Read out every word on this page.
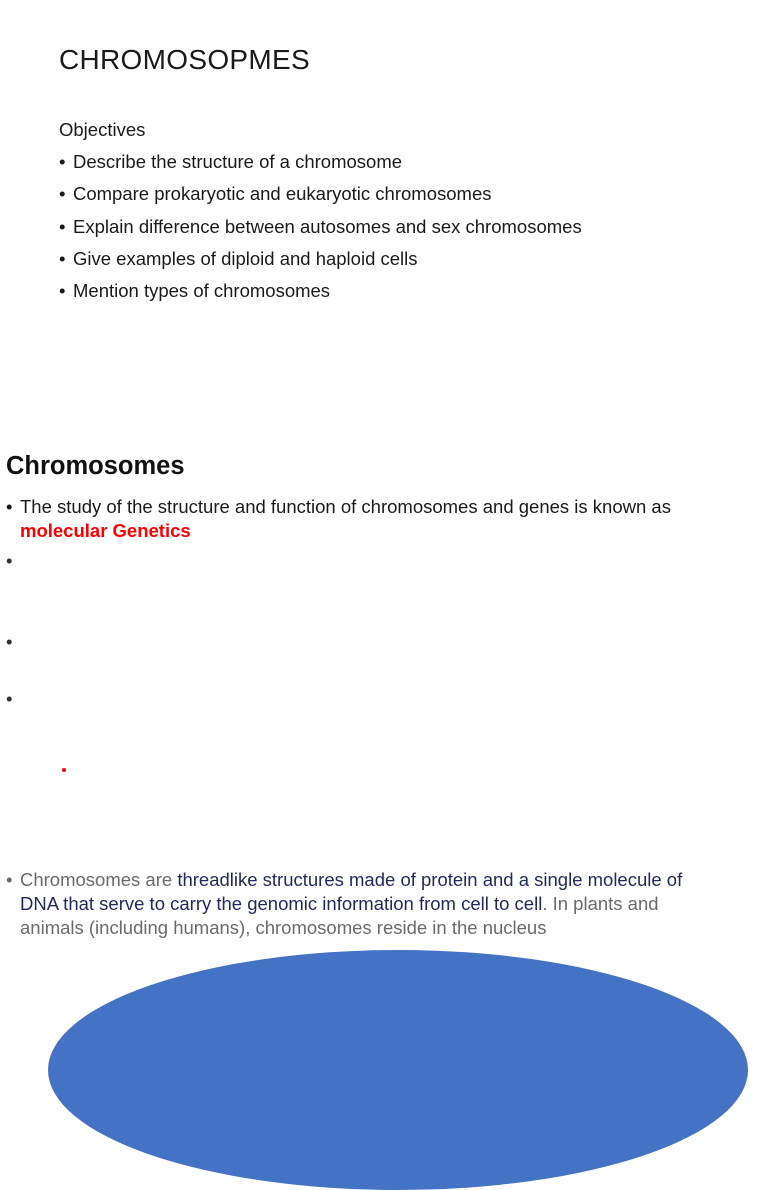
CHROMOSOPMES

Objectives

• Describe the structure of a chromosome
• Compare prokaryotic and eukaryotic chromosomes
• Explain difference between autosomes and sex chromosomes
• Give examples of diploid and haploid cells
• Mention types of chromosomes
Chromosomes
• The study of the structure and function of chromosomes and genes is known as
molecular Genetics
•
•
•
• Chromosomes are threadlike structures made of protein and a single molecule of
DNA that serve to carry the genomic information from cell to cell. In plants and
animals (including humans), chromosomes reside in the nucleus
